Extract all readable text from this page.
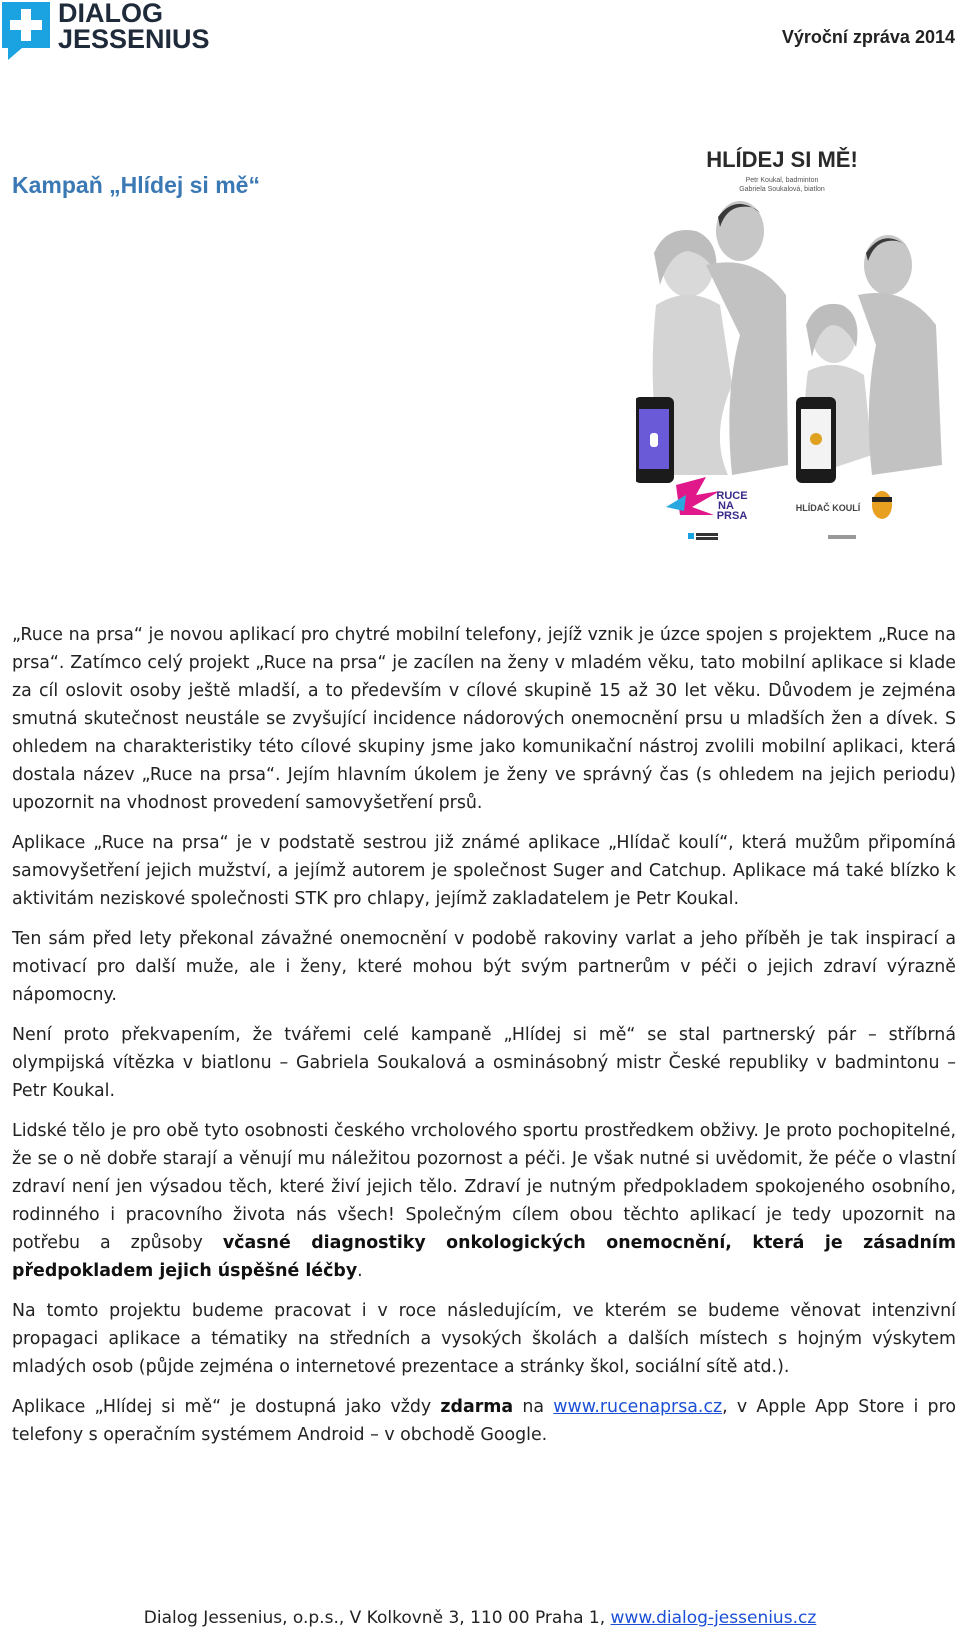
DIALOG
JESSENIUS	Výroční zpráva 2014
Kampaň „Hlídej si mě“
HLÍDEJ SI MĚ!
Petr Koukal, badminton
Gabriela Soukalová, biatlon
RUCE
NA
PRSA
HLÍDAČ KOULÍ

„Ruce na prsa“ je novou aplikací pro chytré mobilní telefony, jejíž vznik je úzce spojen s projektem „Ruce na prsa“. Zatímco celý projekt „Ruce na prsa“ je zacílen na ženy v mladém věku, tato mobilní aplikace si klade za cíl oslovit osoby ještě mladší, a to především v cílové skupině 15 až 30 let věku. Důvodem je zejména smutná skutečnost neustále se zvyšující incidence nádorových onemocnění prsu u mladších žen a dívek. S ohledem na charakteristiky této cílové skupiny jsme jako komunikační nástroj zvolili mobilní aplikaci, která dostala název „Ruce na prsa“. Jejím hlavním úkolem je ženy ve správný čas (s ohledem na jejich periodu) upozornit na vhodnost provedení samovyšetření prsů.

Aplikace „Ruce na prsa“ je v podstatě sestrou již známé aplikace „Hlídač koulí“, která mužům připomíná samovyšetření jejich mužství, a jejímž autorem je společnost Suger and Catchup. Aplikace má také blízko k aktivitám neziskové společnosti STK pro chlapy, jejímž zakladatelem je Petr Koukal.

Ten sám před lety překonal závažné onemocnění v podobě rakoviny varlat a jeho příběh je tak inspirací a motivací pro další muže, ale i ženy, které mohou být svým partnerům v péči o jejich zdraví výrazně nápomocny.

Není proto překvapením, že tvářemi celé kampaně „Hlídej si mě“ se stal partnerský pár – stříbrná olympijská vítězka v biatlonu – Gabriela Soukalová a osminásobný mistr České republiky v badmintonu – Petr Koukal.

Lidské tělo je pro obě tyto osobnosti českého vrcholového sportu prostředkem obživy. Je proto pochopitelné, že se o ně dobře starají a věnují mu náležitou pozornost a péči. Je však nutné si uvědomit, že péče o vlastní zdraví není jen výsadou těch, které živí jejich tělo. Zdraví je nutným předpokladem spokojeného osobního, rodinného i pracovního života nás všech! Společným cílem obou těchto aplikací je tedy upozornit na potřebu a způsoby včasné diagnostiky onkologických onemocnění, která je zásadním předpokladem jejich úspěšné léčby.

Na tomto projektu budeme pracovat i v roce následujícím, ve kterém se budeme věnovat intenzivní propagaci aplikace a tématiky na středních a vysokých školách a dalších místech s hojným výskytem mladých osob (půjde zejména o internetové prezentace a stránky škol, sociální sítě atd.).

Aplikace „Hlídej si mě“ je dostupná jako vždy zdarma na www.rucenaprsa.cz, v Apple App Store i pro telefony s operačním systémem Android – v obchodě Google.

Dialog Jessenius, o.p.s., V Kolkovně 3, 110 00 Praha 1, www.dialog-jessenius.cz
